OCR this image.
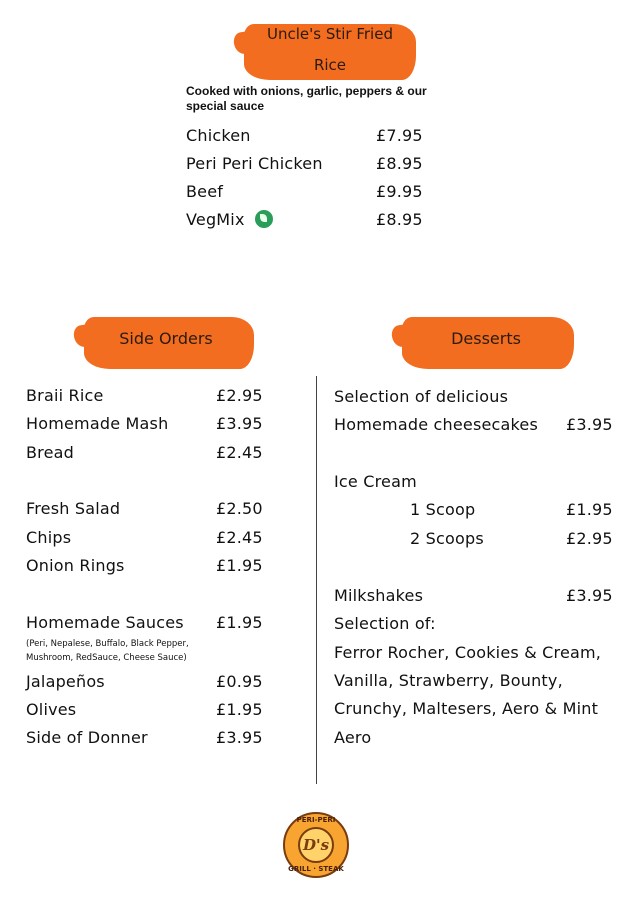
Uncle's Stir Fried
Rice
Cooked with onions, garlic, peppers & our special sauce
Chicken	£7.95
Peri Peri Chicken	£8.95
Beef	£9.95
VegMix	£8.95
Side Orders	Desserts
Braii Rice	£2.95
Homemade Mash	£3.95
Bread	£2.45
Fresh Salad	£2.50
Chips	£2.45
Onion Rings	£1.95
Homemade Sauces £1.95
(Peri, Nepalese, Buffalo, Black Pepper, Mushroom, RedSauce, Cheese Sauce)
Jalapeños	£0.95
Olives	£1.95
Side of Donner	£3.95
Selection of delicious
Homemade cheesecakes £3.95
Ice Cream
1 Scoop	£1.95
2 Scoops	£2.95
Milkshakes	£3.95
Selection of:
Ferror Rocher, Cookies & Cream,
Vanilla, Strawberry, Bounty,
Crunchy, Maltesers, Aero & Mint
Aero
PERI-PERI
D's
GRILL · STEAK
